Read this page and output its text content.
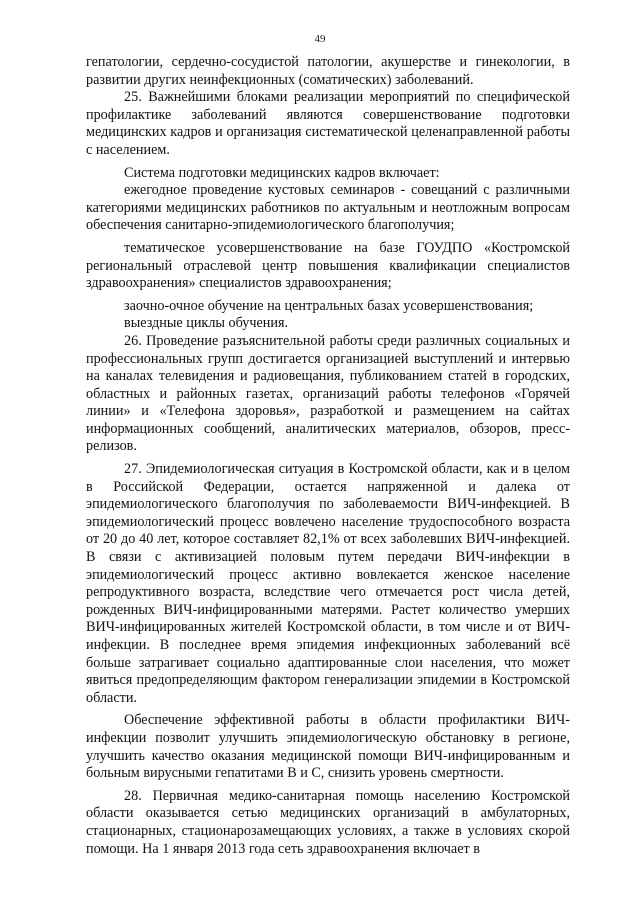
49

гепатологии, сердечно-сосудистой патологии, акушерстве и гинекологии, в развитии других неинфекционных (соматических) заболеваний.

25. Важнейшими блоками реализации мероприятий по специфической профилактике заболеваний являются совершенствование подготовки медицинских кадров и организация систематической целенаправленной работы с населением.

Система подготовки медицинских кадров включает:

ежегодное проведение кустовых семинаров - совещаний с различными категориями медицинских работников по актуальным и неотложным вопросам обеспечения санитарно-эпидемиологического благополучия;

тематическое усовершенствование на базе ГОУДПО «Костромской региональный отраслевой центр повышения квалификации специалистов здравоохранения» специалистов здравоохранения;

заочно-очное обучение на центральных базах усовершенствования;

выездные циклы обучения.

26. Проведение разъяснительной работы среди различных социальных и профессиональных групп достигается организацией выступлений и интервью на каналах телевидения и радиовещания, публикованием статей в городских, областных и районных газетах, организаций работы телефонов «Горячей линии» и «Телефона здоровья», разработкой и размещением на сайтах информационных сообщений, аналитических материалов, обзоров, пресс-релизов.

27. Эпидемиологическая ситуация в Костромской области, как и в целом в Российской Федерации, остается напряженной и далека от эпидемиологического благополучия по заболеваемости ВИЧ-инфекцией. В эпидемиологический процесс вовлечено население трудоспособного возраста от 20 до 40 лет, которое составляет 82,1% от всех заболевших ВИЧ-инфекцией. В связи с активизацией половым путем передачи ВИЧ-инфекции в эпидемиологический процесс активно вовлекается женское население репродуктивного возраста, вследствие чего отмечается рост числа детей, рожденных ВИЧ-инфицированными матерями. Растет количество умерших ВИЧ-инфицированных жителей Костромской области, в том числе и от ВИЧ-инфекции. В последнее время эпидемия инфекционных заболеваний всё больше затрагивает социально адаптированные слои населения, что может явиться предопределяющим фактором генерализации эпидемии в Костромской области.

Обеспечение эффективной работы в области профилактики ВИЧ-инфекции позволит улучшить эпидемиологическую обстановку в регионе, улучшить качество оказания медицинской помощи ВИЧ-инфицированным и больным вирусными гепатитами В и С, снизить уровень смертности.

28. Первичная медико-санитарная помощь населению Костромской области оказывается сетью медицинских организаций в амбулаторных, стационарных, стационарозамещающих условиях, а также в условиях скорой помощи. На 1 января 2013 года сеть здравоохранения включает в
